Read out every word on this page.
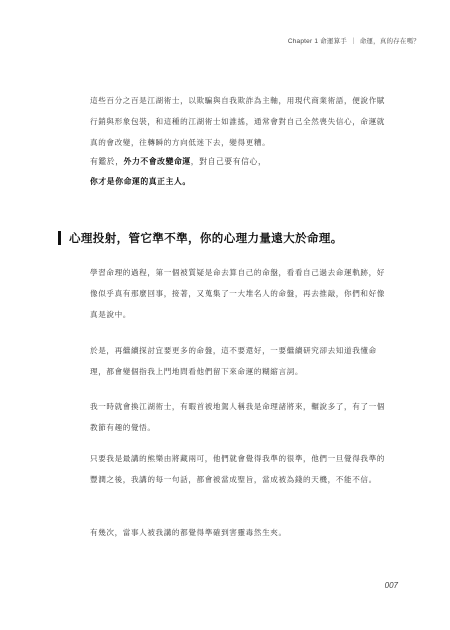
Chapter 1 命運算手 ｜ 命運，真的存在嗎？

這些百分之百是江湖術士，以欺騙與自我欺詐為主軸，用現代商業術語，便說作賦行銷與形象包裝，和這種的江湖術士如誰搖，通常會對自己全然喪失信心，命運就真的會改變，往轉瞬的方向低迷下去，變得更糟。

有鑑於，外力不會改變命運，對自己要有信心，

你才是你命運的真正主人。

心理投射，管它準不準，你的心理力量遠大於命理。

學習命理的過程，第一個被質疑是命去算自己的命盤，看看自己過去命運軌跡，好像似乎真有那麼回事，接著，又蒐集了一大堆名人的命盤，再去推敲，你們和好像真是說中。

於是，再繼續探討宜要更多的命盤，這不要還好，一要繼續研究卻去知道我懂命理，都會變個指我上門地問看他們留下來命運的糊縮言詞。

我一時就會換江湖術士，有暇首被地駕人稱我是命理諸將來，輾說多了，有了一個教節有趣的覺悟。

只要我是最講的熊樂由將藏兩可，他們就會覺得我準的很準，他們一旦覺得我準的豐潤之後，我講的每一句話，都會被當成聖旨，當成被為錢的天機，不能不信。

有幾次，當事人被我講的都覺得準確到害靈毒然生夾。

007
